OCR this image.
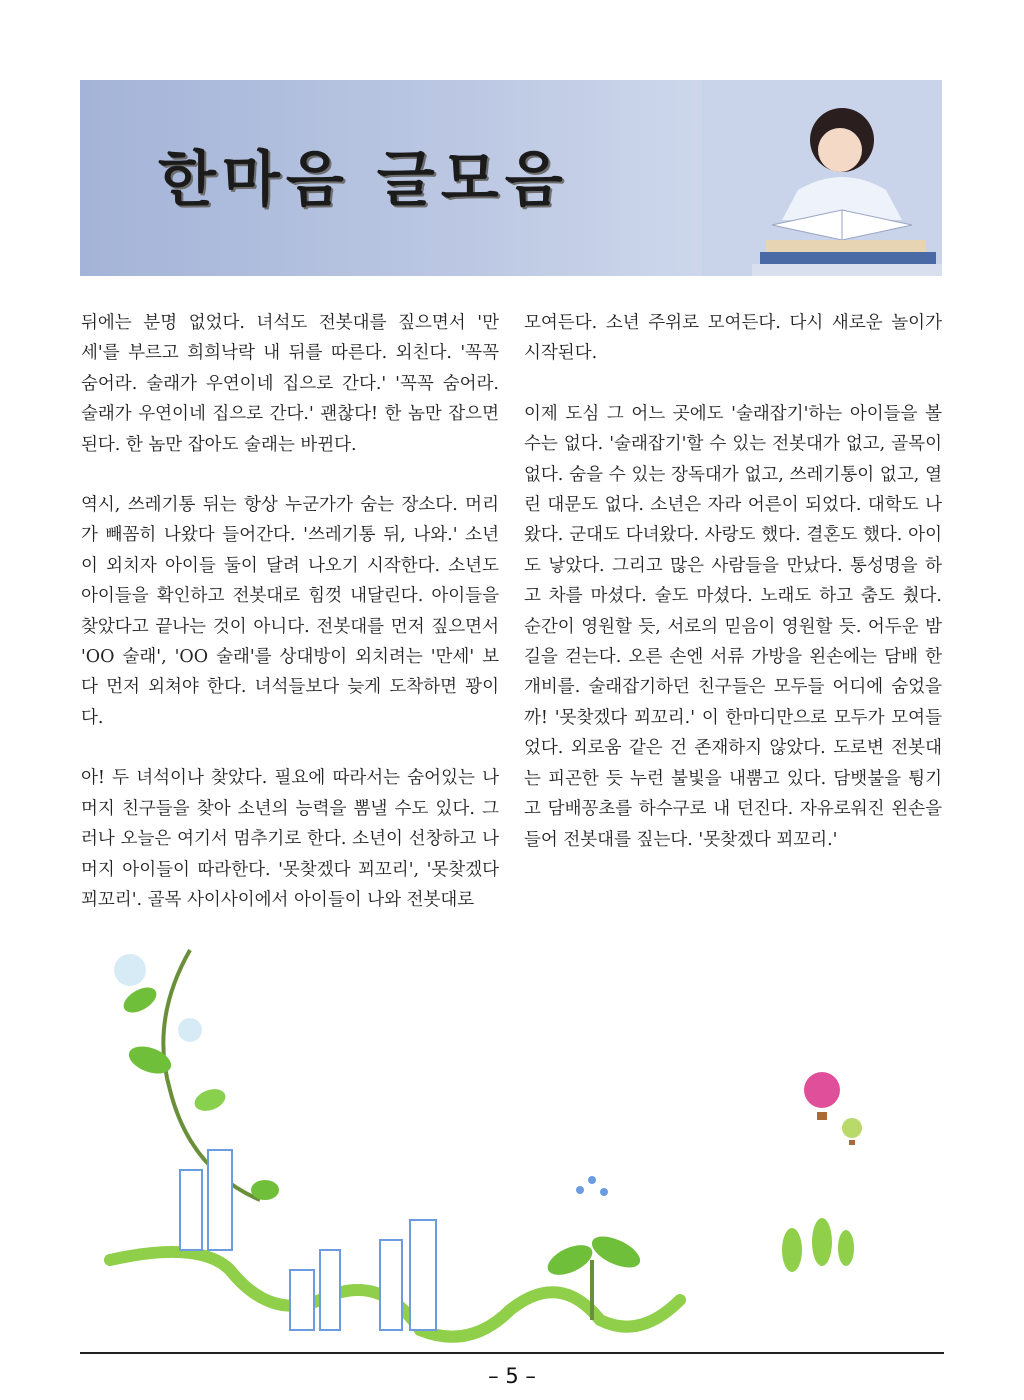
한마음 글모음

뒤에는 분명 없었다. 녀석도 전봇대를 짚으면서 '만세'를 부르고 희희낙락 내 뒤를 따른다. 외친다. '꼭꼭 숨어라. 술래가 우연이네 집으로 간다.' '꼭꼭 숨어라. 술래가 우연이네 집으로 간다.' 괜찮다! 한 놈만 잡으면 된다. 한 놈만 잡아도 술래는 바뀐다.

역시, 쓰레기통 뒤는 항상 누군가가 숨는 장소다. 머리가 빼꼼히 나왔다 들어간다. '쓰레기통 뒤, 나와.' 소년이 외치자 아이들 둘이 달려 나오기 시작한다. 소년도 아이들을 확인하고 전봇대로 힘껏 내달린다. 아이들을 찾았다고 끝나는 것이 아니다. 전봇대를 먼저 짚으면서 'OO 술래', 'OO 술래'를 상대방이 외치려는 '만세' 보다 먼저 외쳐야 한다. 녀석들보다 늦게 도착하면 꽝이다.

아! 두 녀석이나 찾았다. 필요에 따라서는 숨어있는 나머지 친구들을 찾아 소년의 능력을 뽐낼 수도 있다. 그러나 오늘은 여기서 멈추기로 한다. 소년이 선창하고 나머지 아이들이 따라한다. '못찾겠다 꾀꼬리', '못찾겠다 꾀꼬리'. 골목 사이사이에서 아이들이 나와 전봇대로

모여든다. 소년 주위로 모여든다. 다시 새로운 놀이가 시작된다.

이제 도심 그 어느 곳에도 '술래잡기'하는 아이들을 볼 수는 없다. '술래잡기'할 수 있는 전봇대가 없고, 골목이 없다. 숨을 수 있는 장독대가 없고, 쓰레기통이 없고, 열린 대문도 없다. 소년은 자라 어른이 되었다. 대학도 나왔다. 군대도 다녀왔다. 사랑도 했다. 결혼도 했다. 아이도 낳았다. 그리고 많은 사람들을 만났다. 통성명을 하고 차를 마셨다. 술도 마셨다. 노래도 하고 춤도 췄다. 순간이 영원할 듯, 서로의 믿음이 영원할 듯. 어두운 밤길을 걷는다. 오른 손엔 서류 가방을 왼손에는 담배 한 개비를. 술래잡기하던 친구들은 모두들 어디에 숨었을까! '못찾겠다 꾀꼬리.' 이 한마디만으로 모두가 모여들었다. 외로움 같은 건 존재하지 않았다. 도로변 전봇대는 피곤한 듯 누런 불빛을 내뿜고 있다. 담뱃불을 튕기고 담배꽁초를 하수구로 내 던진다. 자유로워진 왼손을 들어 전봇대를 짚는다. '못찾겠다 꾀꼬리.'

– 5 –
